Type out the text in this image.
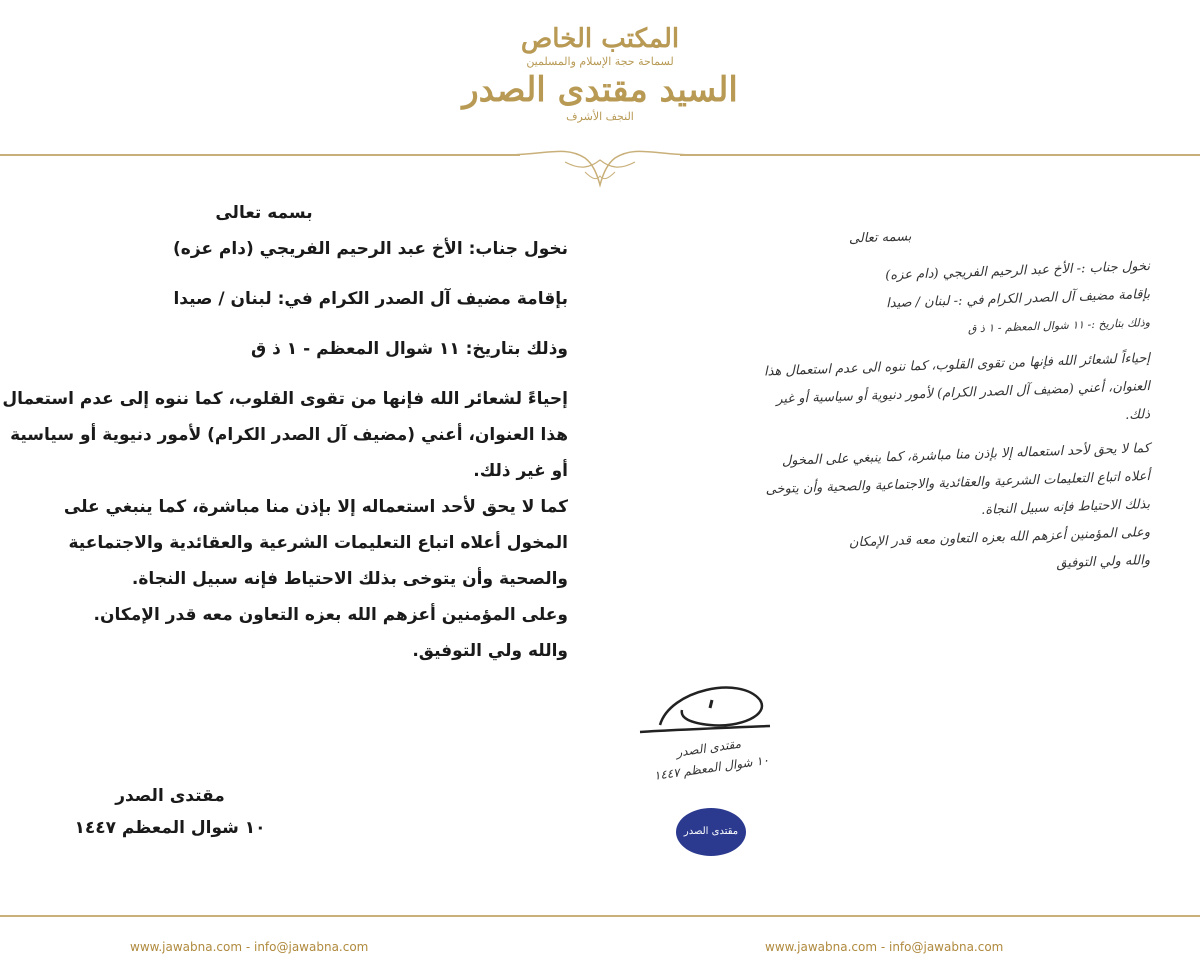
المكتب الخاص
لسماحة حجة الإسلام والمسلمين
السيد مقتدى الصدر
النجف الأشرف
بسمه تعالى
نخول جناب: الأخ عبد الرحيم الفريجي (دام عزه)
بإقامة مضيف آل الصدر الكرام في: لبنان / صيدا
وذلك بتاريخ: ١١ شوال المعظم - ١ ذ ق
إحياءً لشعائر الله فإنها من تقوى القلوب، كما ننوه إلى عدم استعمال
هذا العنوان، أعني (مضيف آل الصدر الكرام) لأمور دنيوية أو سياسية
أو غير ذلك.
كما لا يحق لأحد استعماله إلا بإذن منا مباشرة، كما ينبغي على
المخول أعلاه اتباع التعليمات الشرعية والعقائدية والاجتماعية
والصحية وأن يتوخى بذلك الاحتياط فإنه سبيل النجاة.
وعلى المؤمنين أعزهم الله بعزه التعاون معه قدر الإمكان.
والله ولي التوفيق.
مقتدى الصدر
١٠ شوال المعظم ١٤٤٧
بسمه تعالى
نخول جناب :- الأخ عبد الرحيم الفريجي (دام عزه)
بإقامة مضيف آل الصدر الكرام في :- لبنان / صيدا
وذلك بتاريخ :- ١١ شوال المعظم - ١ ذ ق
إحياءاً لشعائر الله فإنها من تقوى القلوب، كما ننوه الى عدم استعمال هذا
العنوان، أعني (مضيف آل الصدر الكرام) لأمور دنيوية أو سياسية أو غير
ذلك.
كما لا يحق لأحد استعماله إلا بإذن منا مباشرة، كما ينبغي على المخول
أعلاه اتباع التعليمات الشرعية والعقائدية والاجتماعية والصحية وأن يتوخى
بذلك الاحتياط فإنه سبيل النجاة.
وعلى المؤمنين أعزهم الله بعزه التعاون معه قدر الإمكان
والله ولي التوفيق
مقتدى الصدر
١٠ شوال المعظم ١٤٤٧
مقتدى الصدر
www.jawabna.com - info@jawabna.com	www.jawabna.com - info@jawabna.com
